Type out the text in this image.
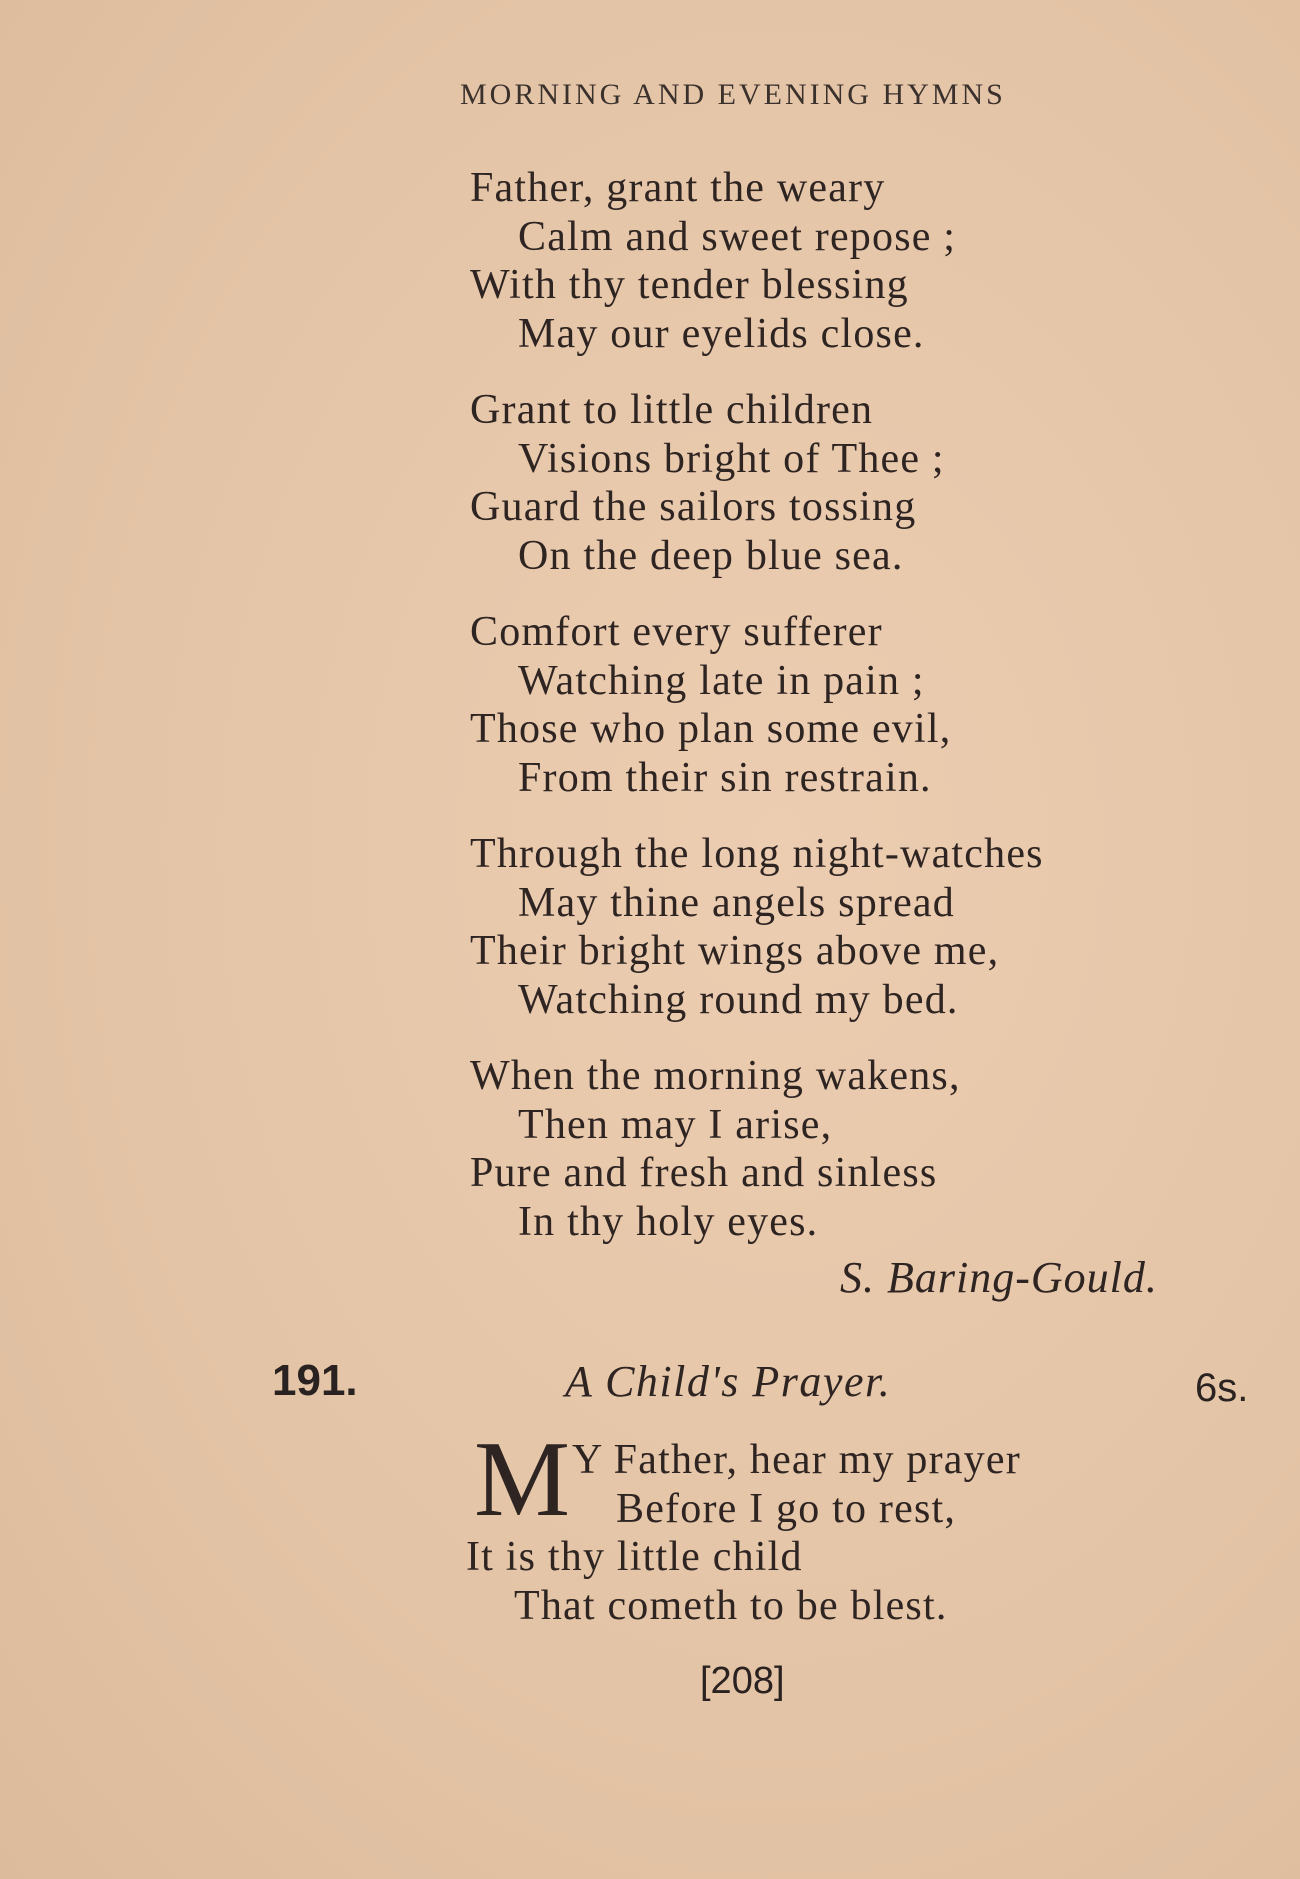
MORNING AND EVENING HYMNS
Father, grant the weary
Calm and sweet repose ;
With thy tender blessing
May our eyelids close.
Grant to little children
Visions bright of Thee ;
Guard the sailors tossing
On the deep blue sea.
Comfort every sufferer
Watching late in pain ;
Those who plan some evil,
From their sin restrain.
Through the long night-watches
May thine angels spread
Their bright wings above me,
Watching round my bed.
When the morning wakens,
Then may I arise,
Pure and fresh and sinless
In thy holy eyes.
S. Baring-Gould.
191.	A Child's Prayer.	6s.
M Y Father, hear my prayer
Before I go to rest,
It is thy little child
That cometh to be blest.
[208]
